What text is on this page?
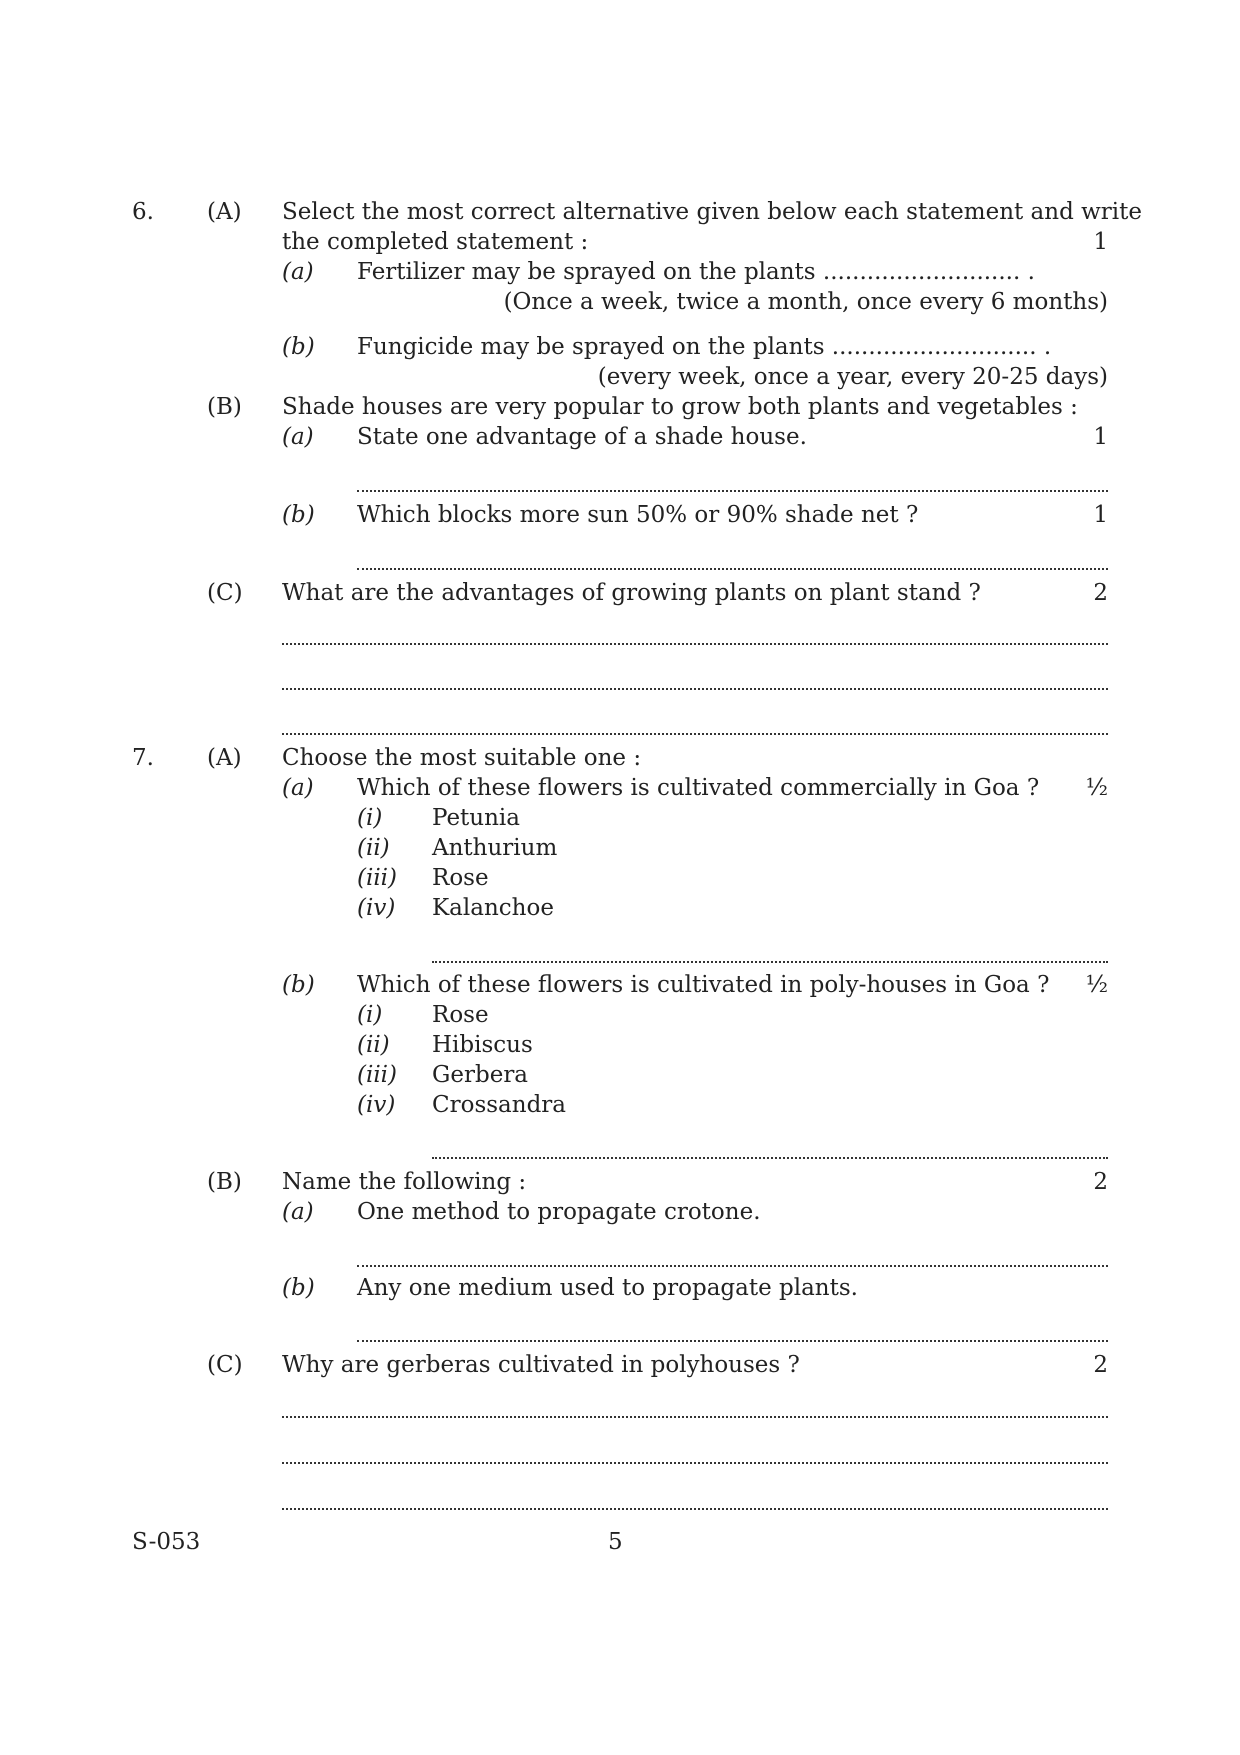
6. (A) Select the most correct alternative given below each statement and write
the completed statement :	1
(a) Fertilizer may be sprayed on the plants ........................... .
(Once a week, twice a month, once every 6 months)
(b) Fungicide may be sprayed on the plants ............................ .
(every week, once a year, every 20-25 days)
(B) Shade houses are very popular to grow both plants and vegetables :
(a) State one advantage of a shade house.	1
(b) Which blocks more sun 50% or 90% shade net ?	1
(C) What are the advantages of growing plants on plant stand ?	2
7. (A) Choose the most suitable one :
(a) Which of these flowers is cultivated commercially in Goa ?	½
(i) Petunia
(ii) Anthurium
(iii) Rose
(iv) Kalanchoe
(b) Which of these flowers is cultivated in poly-houses in Goa ?	½
(i) Rose
(ii) Hibiscus
(iii) Gerbera
(iv) Crossandra
(B) Name the following :	2
(a) One method to propagate crotone.
(b) Any one medium used to propagate plants.
(C) Why are gerberas cultivated in polyhouses ?	2
S-053	5
